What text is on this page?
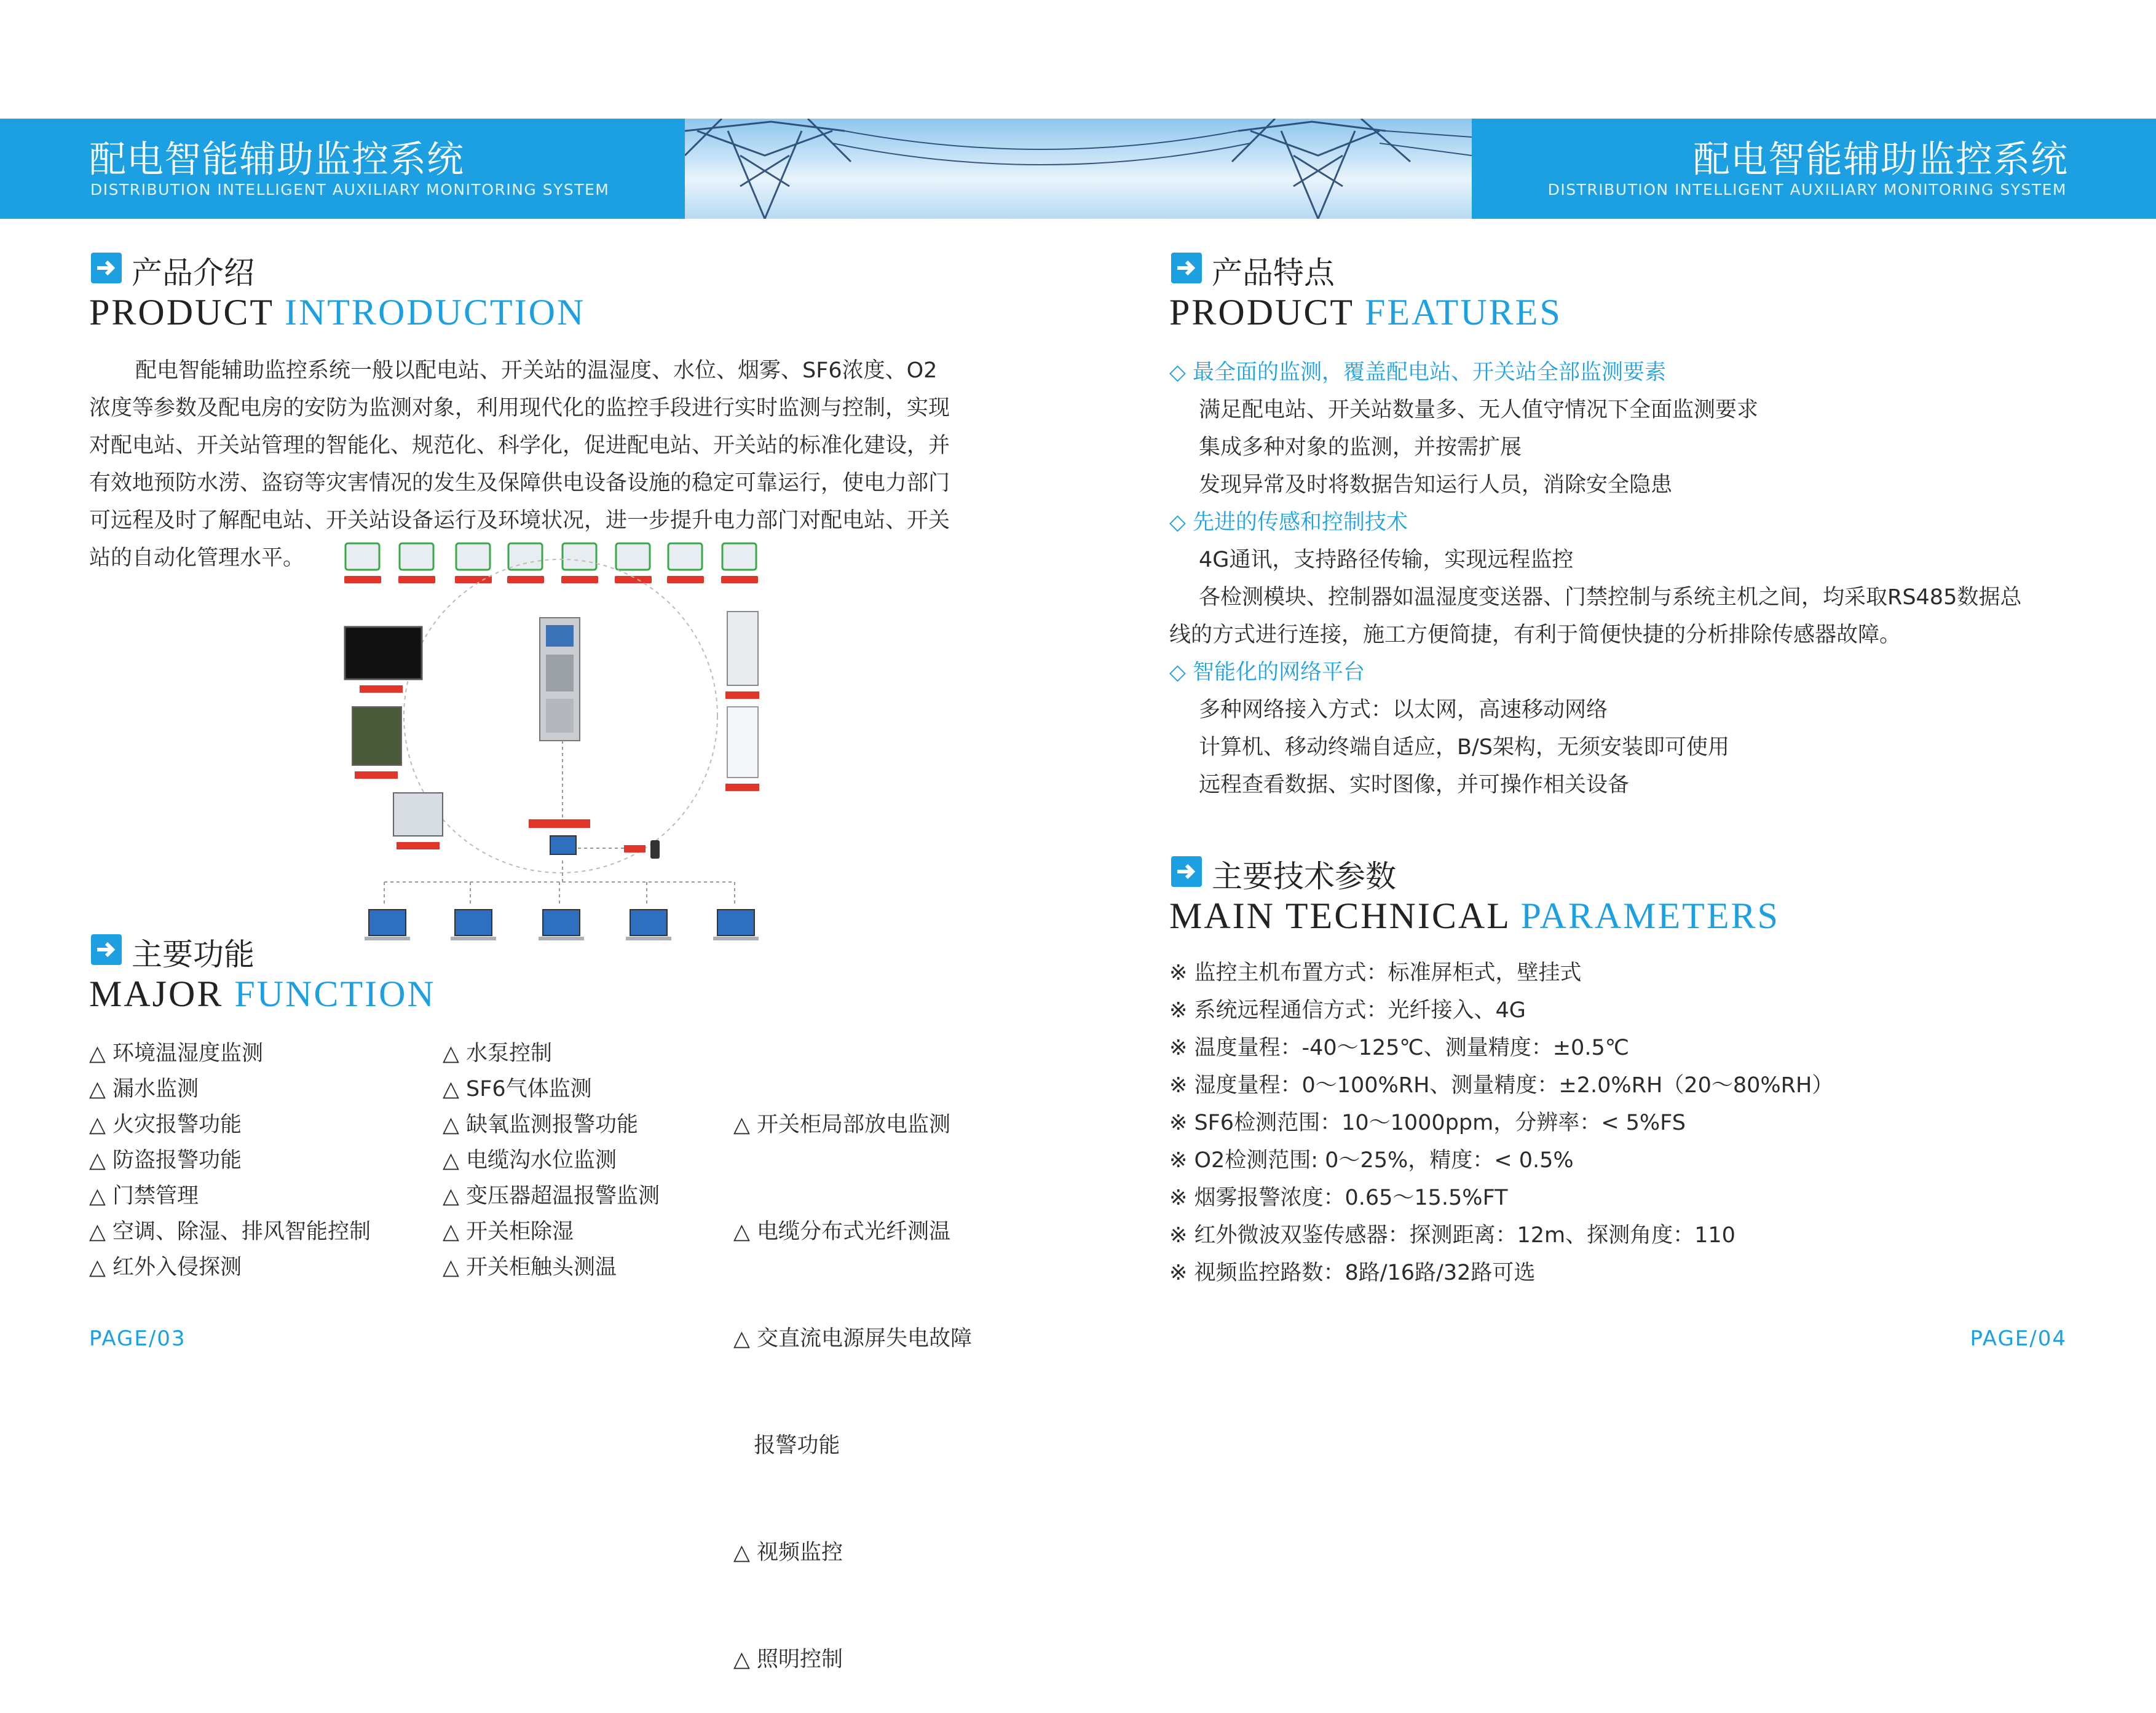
配电智能辅助监控系统
DISTRIBUTION INTELLIGENT AUXILIARY MONITORING SYSTEM
配电智能辅助监控系统
DISTRIBUTION INTELLIGENT AUXILIARY MONITORING SYSTEM
产品介绍
PRODUCT INTRODUCTION

配电智能辅助监控系统一般以配电站、开关站的温湿度、水位、烟雾、SF6浓度、O2

浓度等参数及配电房的安防为监测对象，利用现代化的监控手段进行实时监测与控制，实现

对配电站、开关站管理的智能化、规范化、科学化，促进配电站、开关站的标准化建设，并

有效地预防水涝、盗窃等灾害情况的发生及保障供电设备设施的稳定可靠运行，使电力部门

可远程及时了解配电站、开关站设备运行及环境状况，进一步提升电力部门对配电站、开关

站的自动化管理水平。

主要功能
MAJOR FUNCTION
△ 环境温湿度监测
△ 漏水监测
△ 火灾报警功能
△ 防盗报警功能
△ 门禁管理
△ 空调、除湿、排风智能控制
△ 红外入侵探测
△ 水泵控制
△ SF6气体监测
△ 缺氧监测报警功能
△ 电缆沟水位监测
△ 变压器超温报警监测
△ 开关柜除湿
△ 开关柜触头测温

△ 开关柜局部放电监测

△ 电缆分布式光纤测温

△ 交直流电源屏失电故障

报警功能

△ 视频监控

△ 照明控制

产品特点
PRODUCT FEATURES
◇ 最全面的监测，覆盖配电站、开关站全部监测要素
满足配电站、开关站数量多、无人值守情况下全面监测要求
集成多种对象的监测，并按需扩展
发现异常及时将数据告知运行人员，消除安全隐患
◇ 先进的传感和控制技术
4G通讯，支持路径传输，实现远程监控
各检测模块、控制器如温湿度变送器、门禁控制与系统主机之间，均采取RS485数据总
线的方式进行连接，施工方便简捷，有利于简便快捷的分析排除传感器故障。
◇ 智能化的网络平台
多种网络接入方式：以太网，高速移动网络
计算机、移动终端自适应，B/S架构，无须安装即可使用
远程查看数据、实时图像，并可操作相关设备
主要技术参数
MAIN TECHNICAL PARAMETERS
※ 监控主机布置方式：标准屏柜式，壁挂式
※ 系统远程通信方式：光纤接入、4G
※ 温度量程：-40～125℃、测量精度：±0.5℃
※ 湿度量程：0～100%RH、测量精度：±2.0%RH（20～80%RH）
※ SF6检测范围：10～1000ppm，分辨率：< 5%FS
※ O2检测范围: 0～25%，精度：< 0.5%
※ 烟雾报警浓度：0.65～15.5%FT
※ 红外微波双鉴传感器：探测距离：12m、探测角度：110
※ 视频监控路数：8路/16路/32路可选
PAGE/03	PAGE/04
